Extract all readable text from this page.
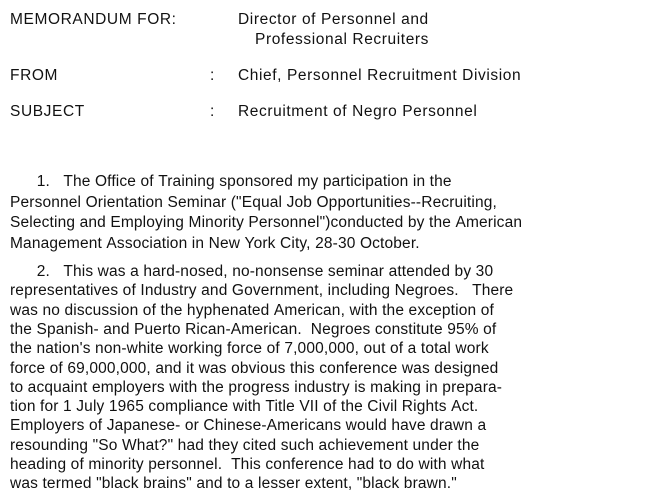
MEMORANDUM FOR:	Director of Personnel and
Professional Recruiters
FROM	: Chief, Personnel Recruitment Division
SUBJECT	: Recruitment of Negro Personnel
1.   The Office of Training sponsored my participation in the
Personnel Orientation Seminar ("Equal Job Opportunities--Recruiting,
Selecting and Employing Minority Personnel")conducted by the American
Management Association in New York City, 28-30 October.
2.   This was a hard-nosed, no-nonsense seminar attended by 30
representatives of Industry and Government, including Negroes.   There
was no discussion of the hyphenated American, with the exception of
the Spanish- and Puerto Rican-American.  Negroes constitute 95% of
the nation's non-white working force of 7,000,000, out of a total work
force of 69,000,000, and it was obvious this conference was designed
to acquaint employers with the progress industry is making in prepara-
tion for 1 July 1965 compliance with Title VII of the Civil Rights Act.
Employers of Japanese- or Chinese-Americans would have drawn a
resounding "So What?" had they cited such achievement under the
heading of minority personnel.  This conference had to do with what
was termed "black brains" and to a lesser extent, "black brawn."
